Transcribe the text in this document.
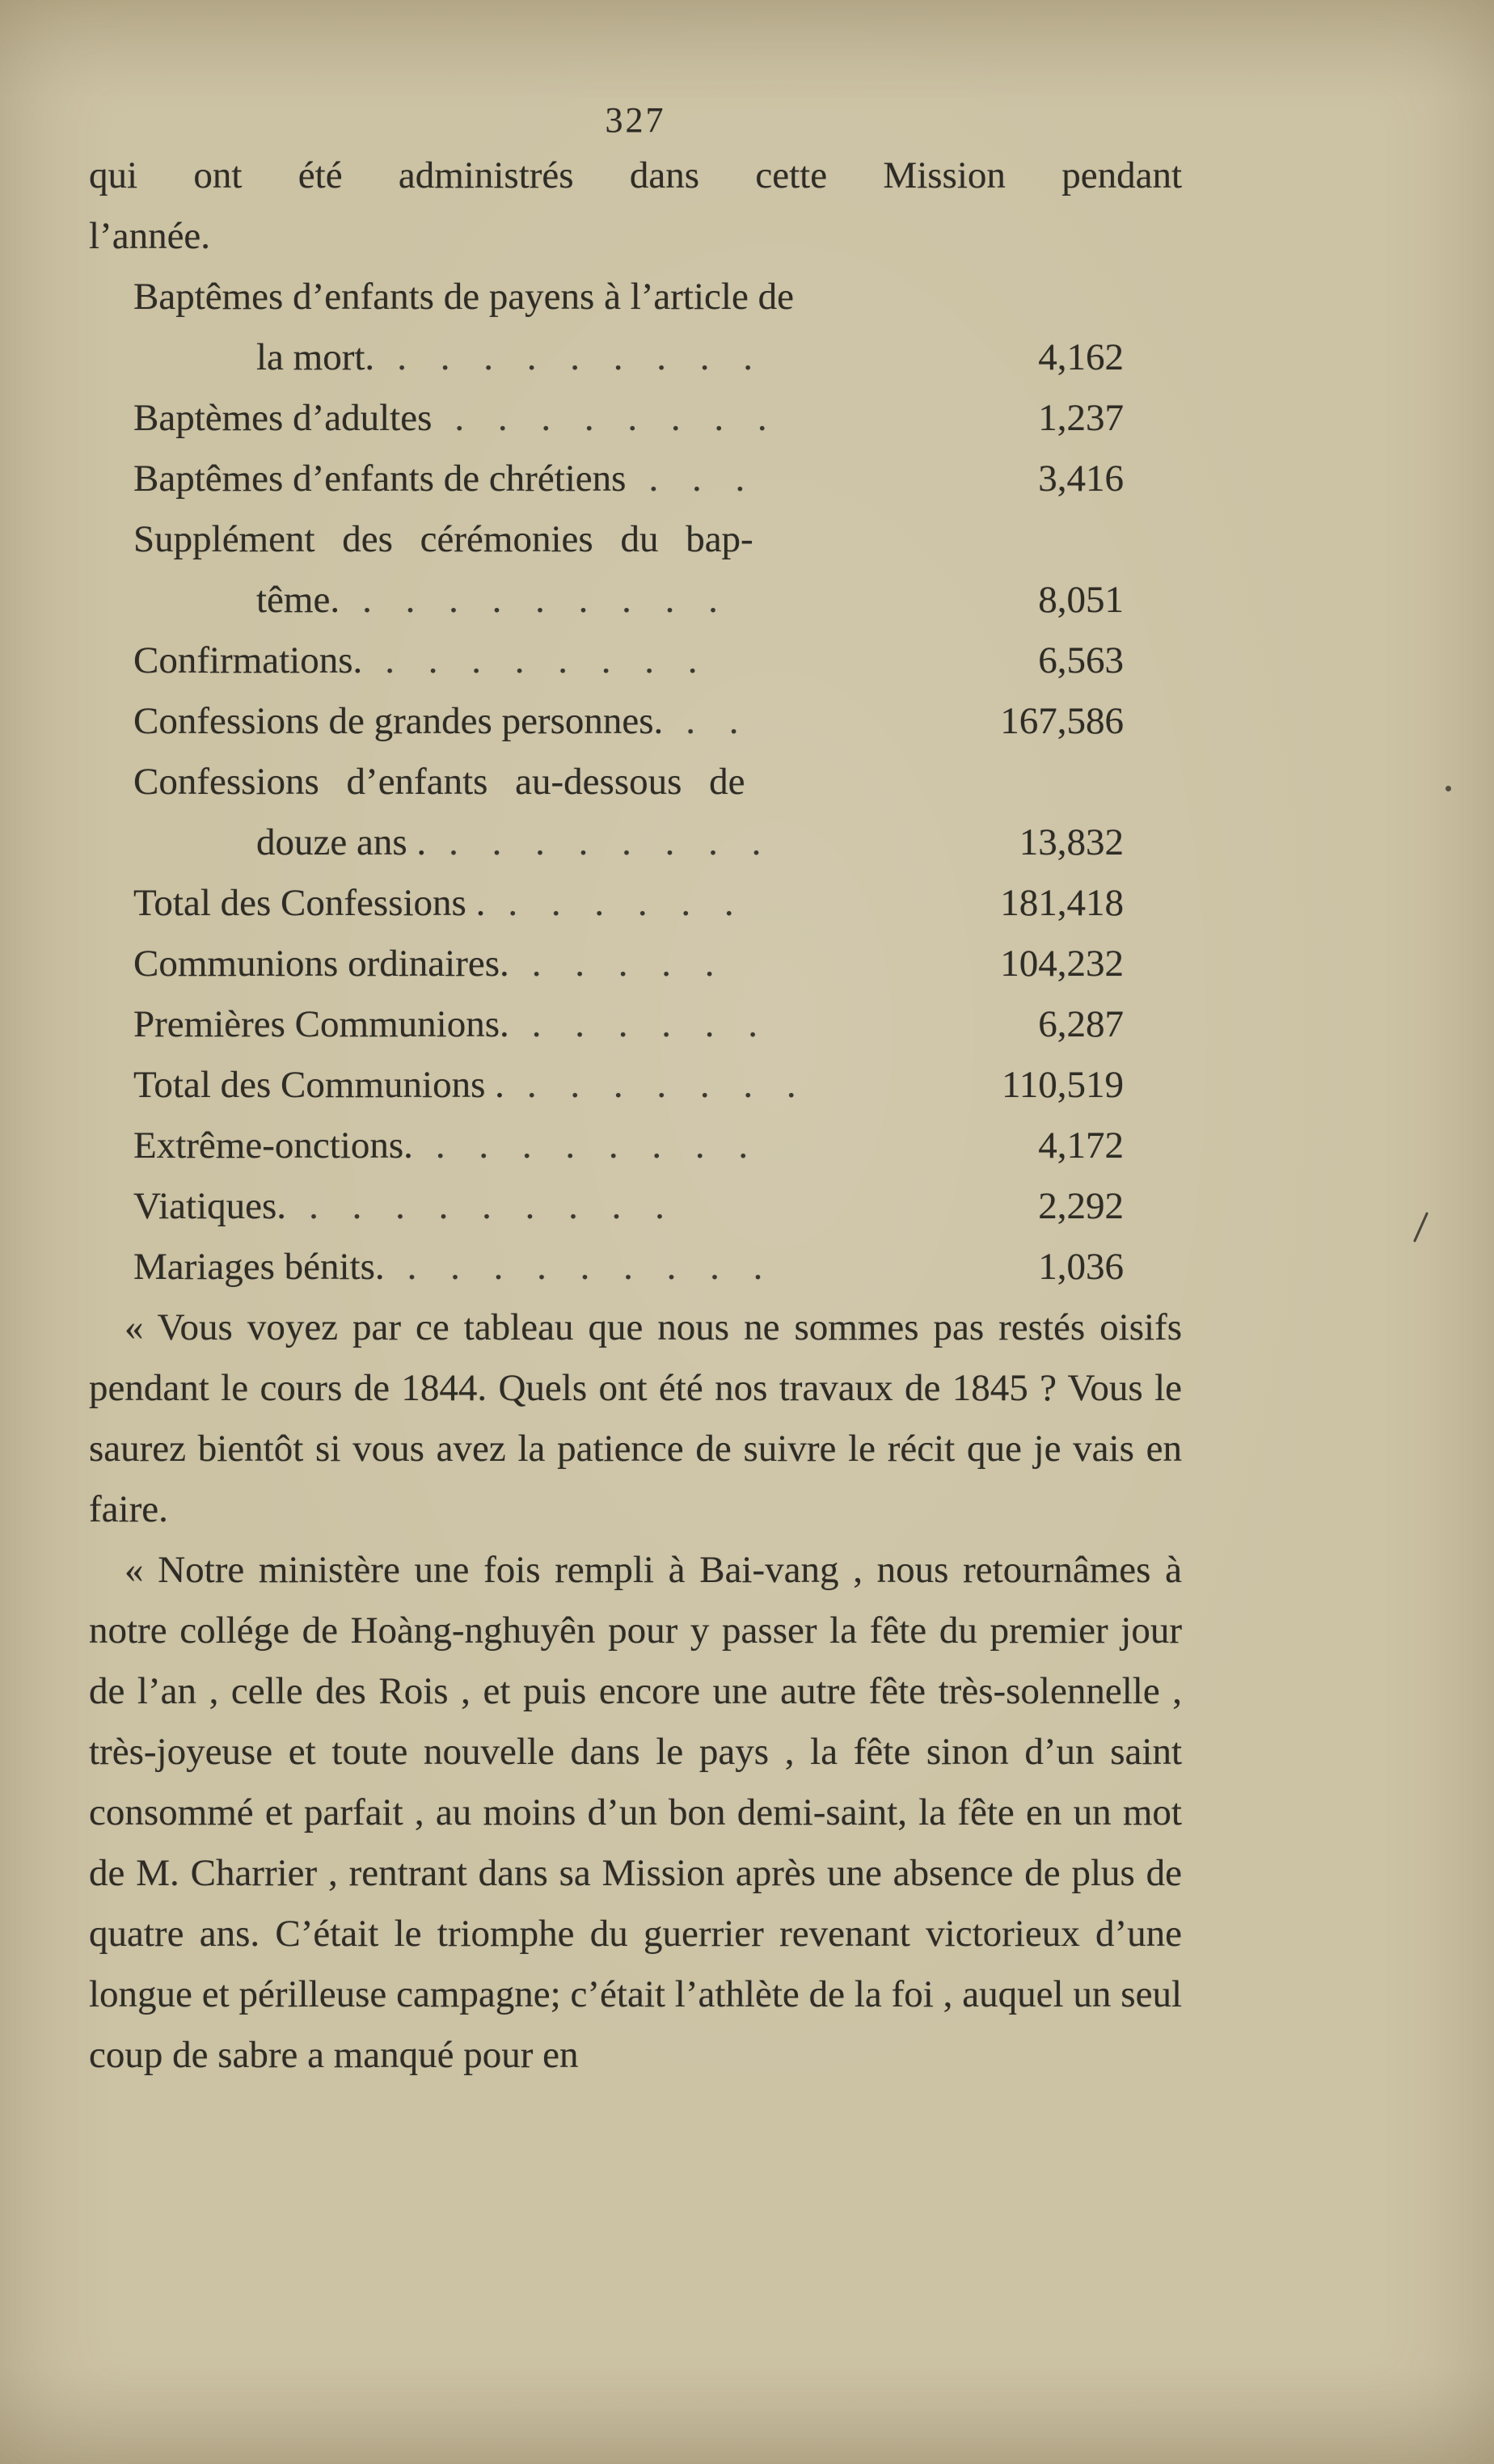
327
qui ont été administrés dans cette Mission pendant
l’année.
Baptêmes d’enfants de payens à l’article de
la mort. . . . . . . . . .	4,162
Baptèmes d’adultes . . . . . . . .	1,237
Baptêmes d’enfants de chrétiens . . .	3,416
Supplément des cérémonies du bap-
tême. . . . . . . . . .	8,051
Confirmations. . . . . . . . .	6,563
Confessions de grandes personnes. . .	167,586
Confessions d’enfants au-dessous de
douze ans . . . . . . . . .	13,832
Total des Confessions . . . . . . .	181,418
Communions ordinaires. . . . . .	104,232
Premières Communions. . . . . . .	6,287
Total des Communions . . . . . . . .	110,519
Extrême-onctions. . . . . . . . .	4,172
Viatiques. . . . . . . . . .	2,292
Mariages bénits. . . . . . . . . .	1,036

« Vous voyez par ce tableau que nous ne sommes pas restés oisifs pendant le cours de 1844. Quels ont été nos travaux de 1845 ? Vous le saurez bientôt si vous avez la patience de suivre le récit que je vais en faire.

« Notre ministère une fois rempli à Bai-vang , nous retournâmes à notre collége de Hoàng-nghuyên pour y passer la fête du premier jour de l’an , celle des Rois , et puis encore une autre fête très-solennelle , très-joyeuse et toute nouvelle dans le pays , la fête sinon d’un saint consommé et parfait , au moins d’un bon demi-saint, la fête en un mot de M. Charrier , rentrant dans sa Mission après une absence de plus de quatre ans. C’était le triomphe du guerrier revenant victorieux d’une longue et périlleuse campagne; c’était l’athlète de la foi , auquel un seul coup de sabre a manqué pour en
